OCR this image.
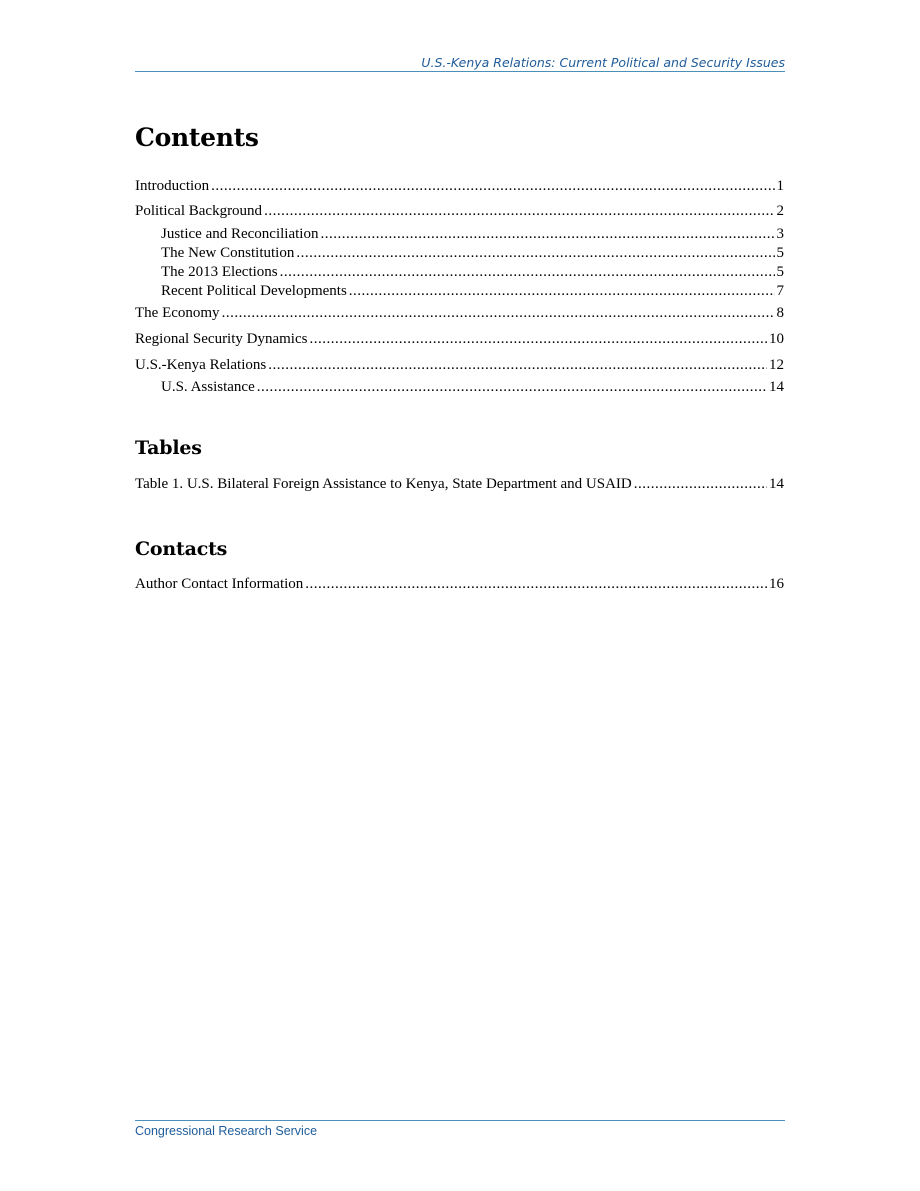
U.S.-Kenya Relations: Current Political and Security Issues
Contents
Introduction .....	1
Political Background .....	2
Justice and Reconciliation .....	3
The New Constitution .....	5
The 2013 Elections .....	5
Recent Political Developments .....	7
The Economy .....	8
Regional Security Dynamics .....	10
U.S.-Kenya Relations .....	12
U.S. Assistance .....	14
Tables
Table 1. U.S. Bilateral Foreign Assistance to Kenya, State Department and USAID .....	14
Contacts
Author Contact Information .....	16
Congressional Research Service
